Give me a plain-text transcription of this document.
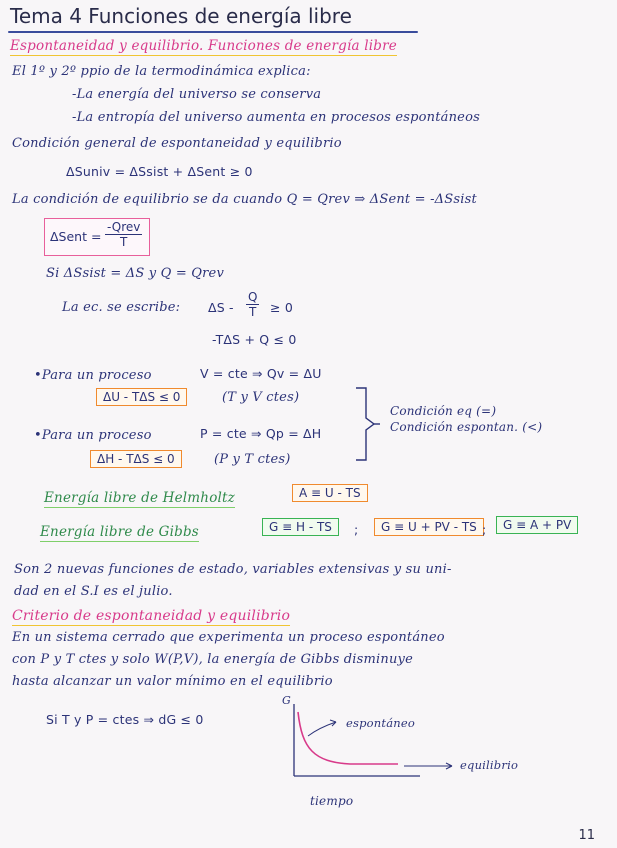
Tema 4 Funciones de energía libre
Espontaneidad y equilibrio. Funciones de energía libre
El 1º y 2º ppio de la termodinámica explica:
-La energía del universo se conserva
-La entropía del universo aumenta en procesos espontáneos
Condición general de espontaneidad y equilibrio
ΔSuniv = ΔSsist + ΔSent ≥ 0
La condición de equilibrio se da cuando Q = Qrev ⇒ ΔSent = -ΔSsist
ΔSent =
-Qrev
T
Si ΔSsist = ΔS y Q = Qrev
La ec. se escribe: $\Delta S - \frac{Q}{T} \ge 0$
-TΔS + Q ≤ 0
•Para un proceso	V = cte ⇒ Qv = ΔU
ΔU - TΔS ≤ 0	(T y V ctes)
•Para un proceso	P = cte ⇒ Qp = ΔH
ΔH - TΔS ≤ 0	(P y T ctes)
Condición eq (=)
Condición espontan. (<)
Energía libre de Helmholtz	A ≡ U - TS
Energía libre de Gibbs	G ≡ H - TS	;	G ≡ U + PV - TS ;	G ≡ A + PV
Son 2 nuevas funciones de estado, variables extensivas y su uni-
dad en el S.I es el julio.
Criterio de espontaneidad y equilibrio
En un sistema cerrado que experimenta un proceso espontáneo
con P y T ctes y solo W(P,V), la energía de Gibbs disminuye
hasta alcanzar un valor mínimo en el equilibrio
Si T y P = ctes ⇒ dG ≤ 0
G
espontáneo
equilibrio
tiempo
11
